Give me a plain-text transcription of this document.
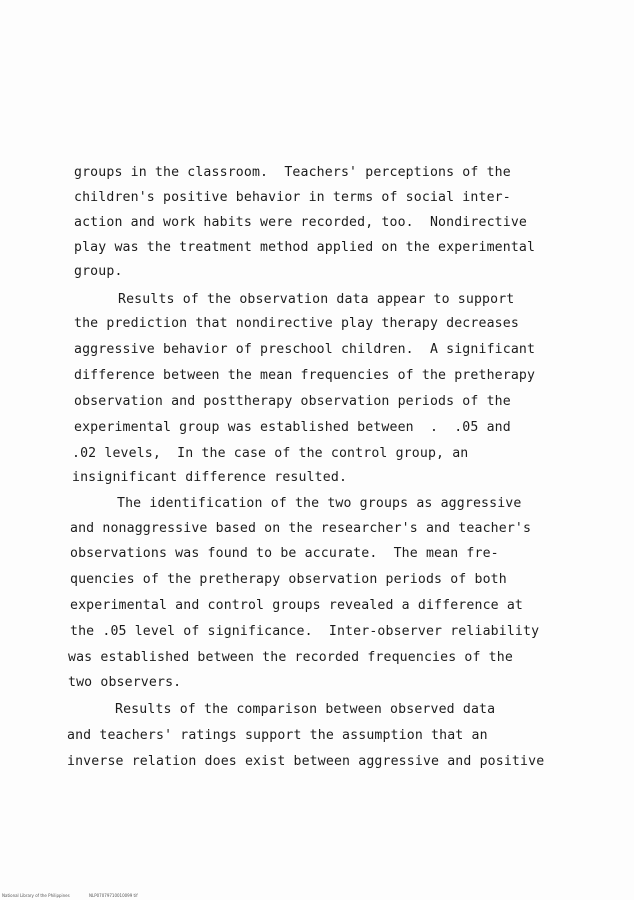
groups in the classroom.  Teachers' perceptions of the
children's positive behavior in terms of social inter-
action and work habits were recorded, too.  Nondirective
play was the treatment method applied on the experimental
group.
Results of the observation data appear to support
the prediction that nondirective play therapy decreases
aggressive behavior of preschool children.  A significant
difference between the mean frequencies of the pretherapy
observation and posttherapy observation periods of the
experimental group was established between  .  .05 and
.02 levels,  In the case of the control group, an
insignificant difference resulted.
The identification of the two groups as aggressive
and nonaggressive based on the researcher's and teacher's
observations was found to be accurate.  The mean fre-
quencies of the pretherapy observation periods of both
experimental and control groups revealed a difference at
the .05 level of significance.  Inter-observer reliability
was established between the recorded frequencies of the
two observers.
Results of the comparison between observed data
and teachers' ratings support the assumption that an
inverse relation does exist between aggressive and positive
National Library of the Philippines	NLP07079710010099 tif
